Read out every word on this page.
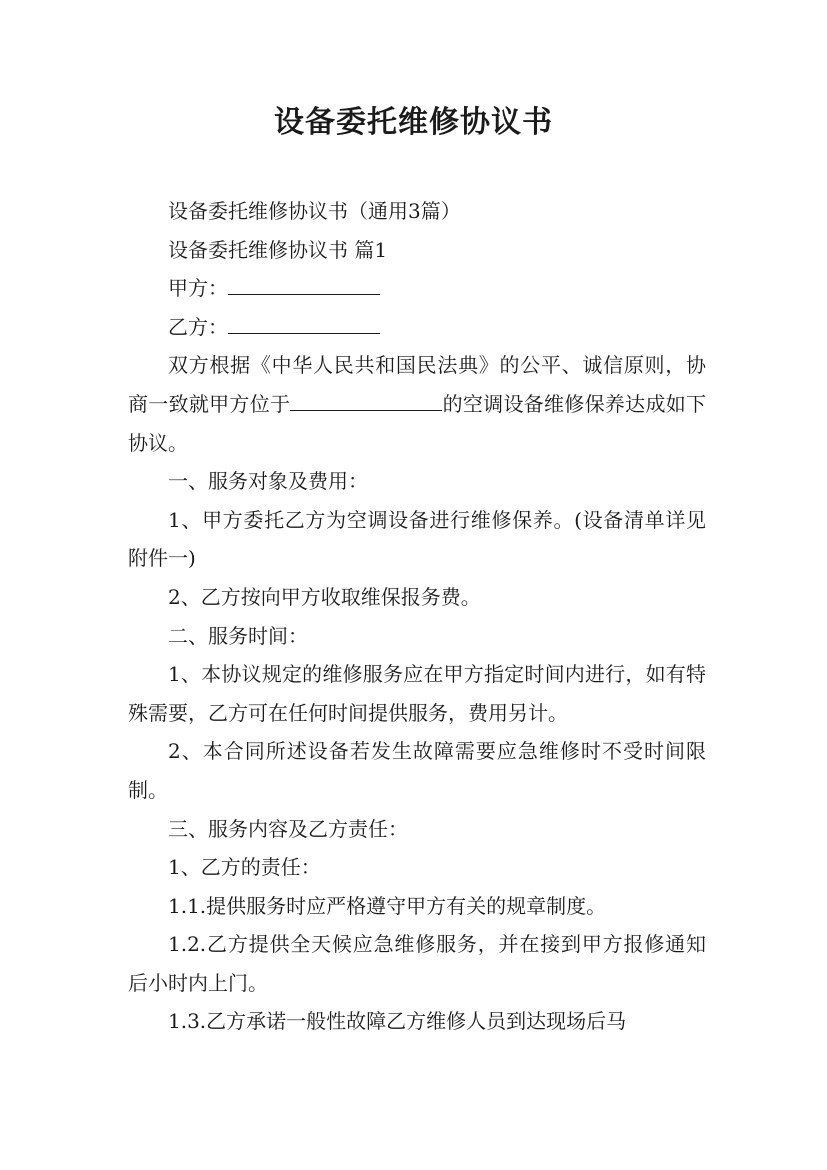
设备委托维修协议书

设备委托维修协议书（通用3篇）

设备委托维修协议书 篇1

甲方：

乙方：

双方根据《中华人民共和国民法典》的公平、诚信原则，协商一致就甲方位于	的空调设备维修保养达成如下协议。

一、服务对象及费用：

1、甲方委托乙方为空调设备进行维修保养。(设备清单详见附件一)

2、乙方按向甲方收取维保报务费。

二、服务时间：

1、本协议规定的维修服务应在甲方指定时间内进行，如有特殊需要，乙方可在任何时间提供服务，费用另计。

2、本合同所述设备若发生故障需要应急维修时不受时间限制。

三、服务内容及乙方责任：

1、乙方的责任：

1.1.提供服务时应严格遵守甲方有关的规章制度。

1.2.乙方提供全天候应急维修服务，并在接到甲方报修通知后小时内上门。

1.3.乙方承诺一般性故障乙方维修人员到达现场后马
